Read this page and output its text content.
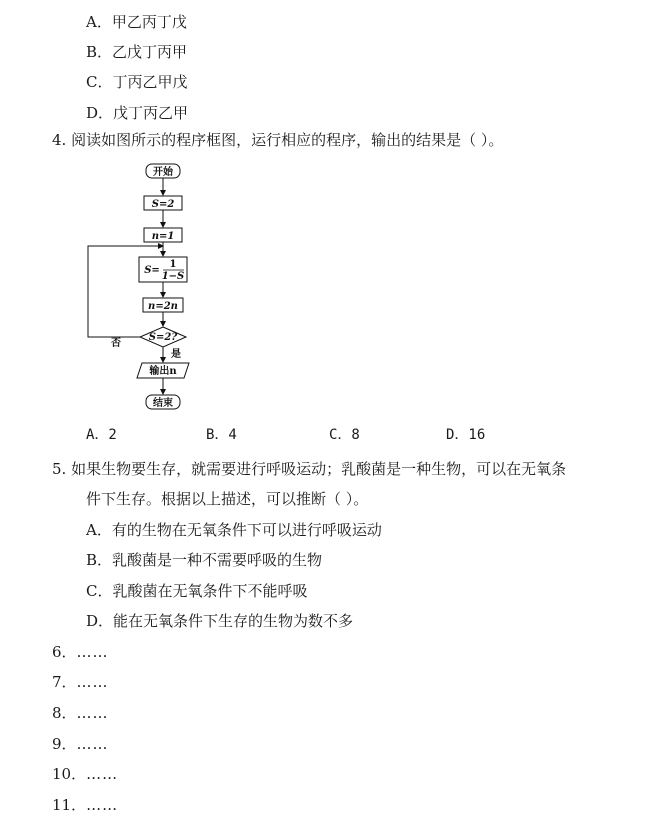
A．甲乙丙丁戊
B．乙戊丁丙甲
C．丁丙乙甲戊
D．戊丁丙乙甲
4. 阅读如图所示的程序框图，运行相应的程序，输出的结果是（ ）。
开始
S=2
n=1
S=
1
1−S
n=2n
S=2?
否
是
输出n
结束
A．2	B．4	C．8	D．16
5. 如果生物要生存，就需要进行呼吸运动；乳酸菌是一种生物，可以在无氧条
件下生存。根据以上描述，可以推断（ ）。
A．有的生物在无氧条件下可以进行呼吸运动
B．乳酸菌是一种不需要呼吸的生物
C．乳酸菌在无氧条件下不能呼吸
D．能在无氧条件下生存的生物为数不多
6．……
7．……
8．……
9．……
10．……
11．……
